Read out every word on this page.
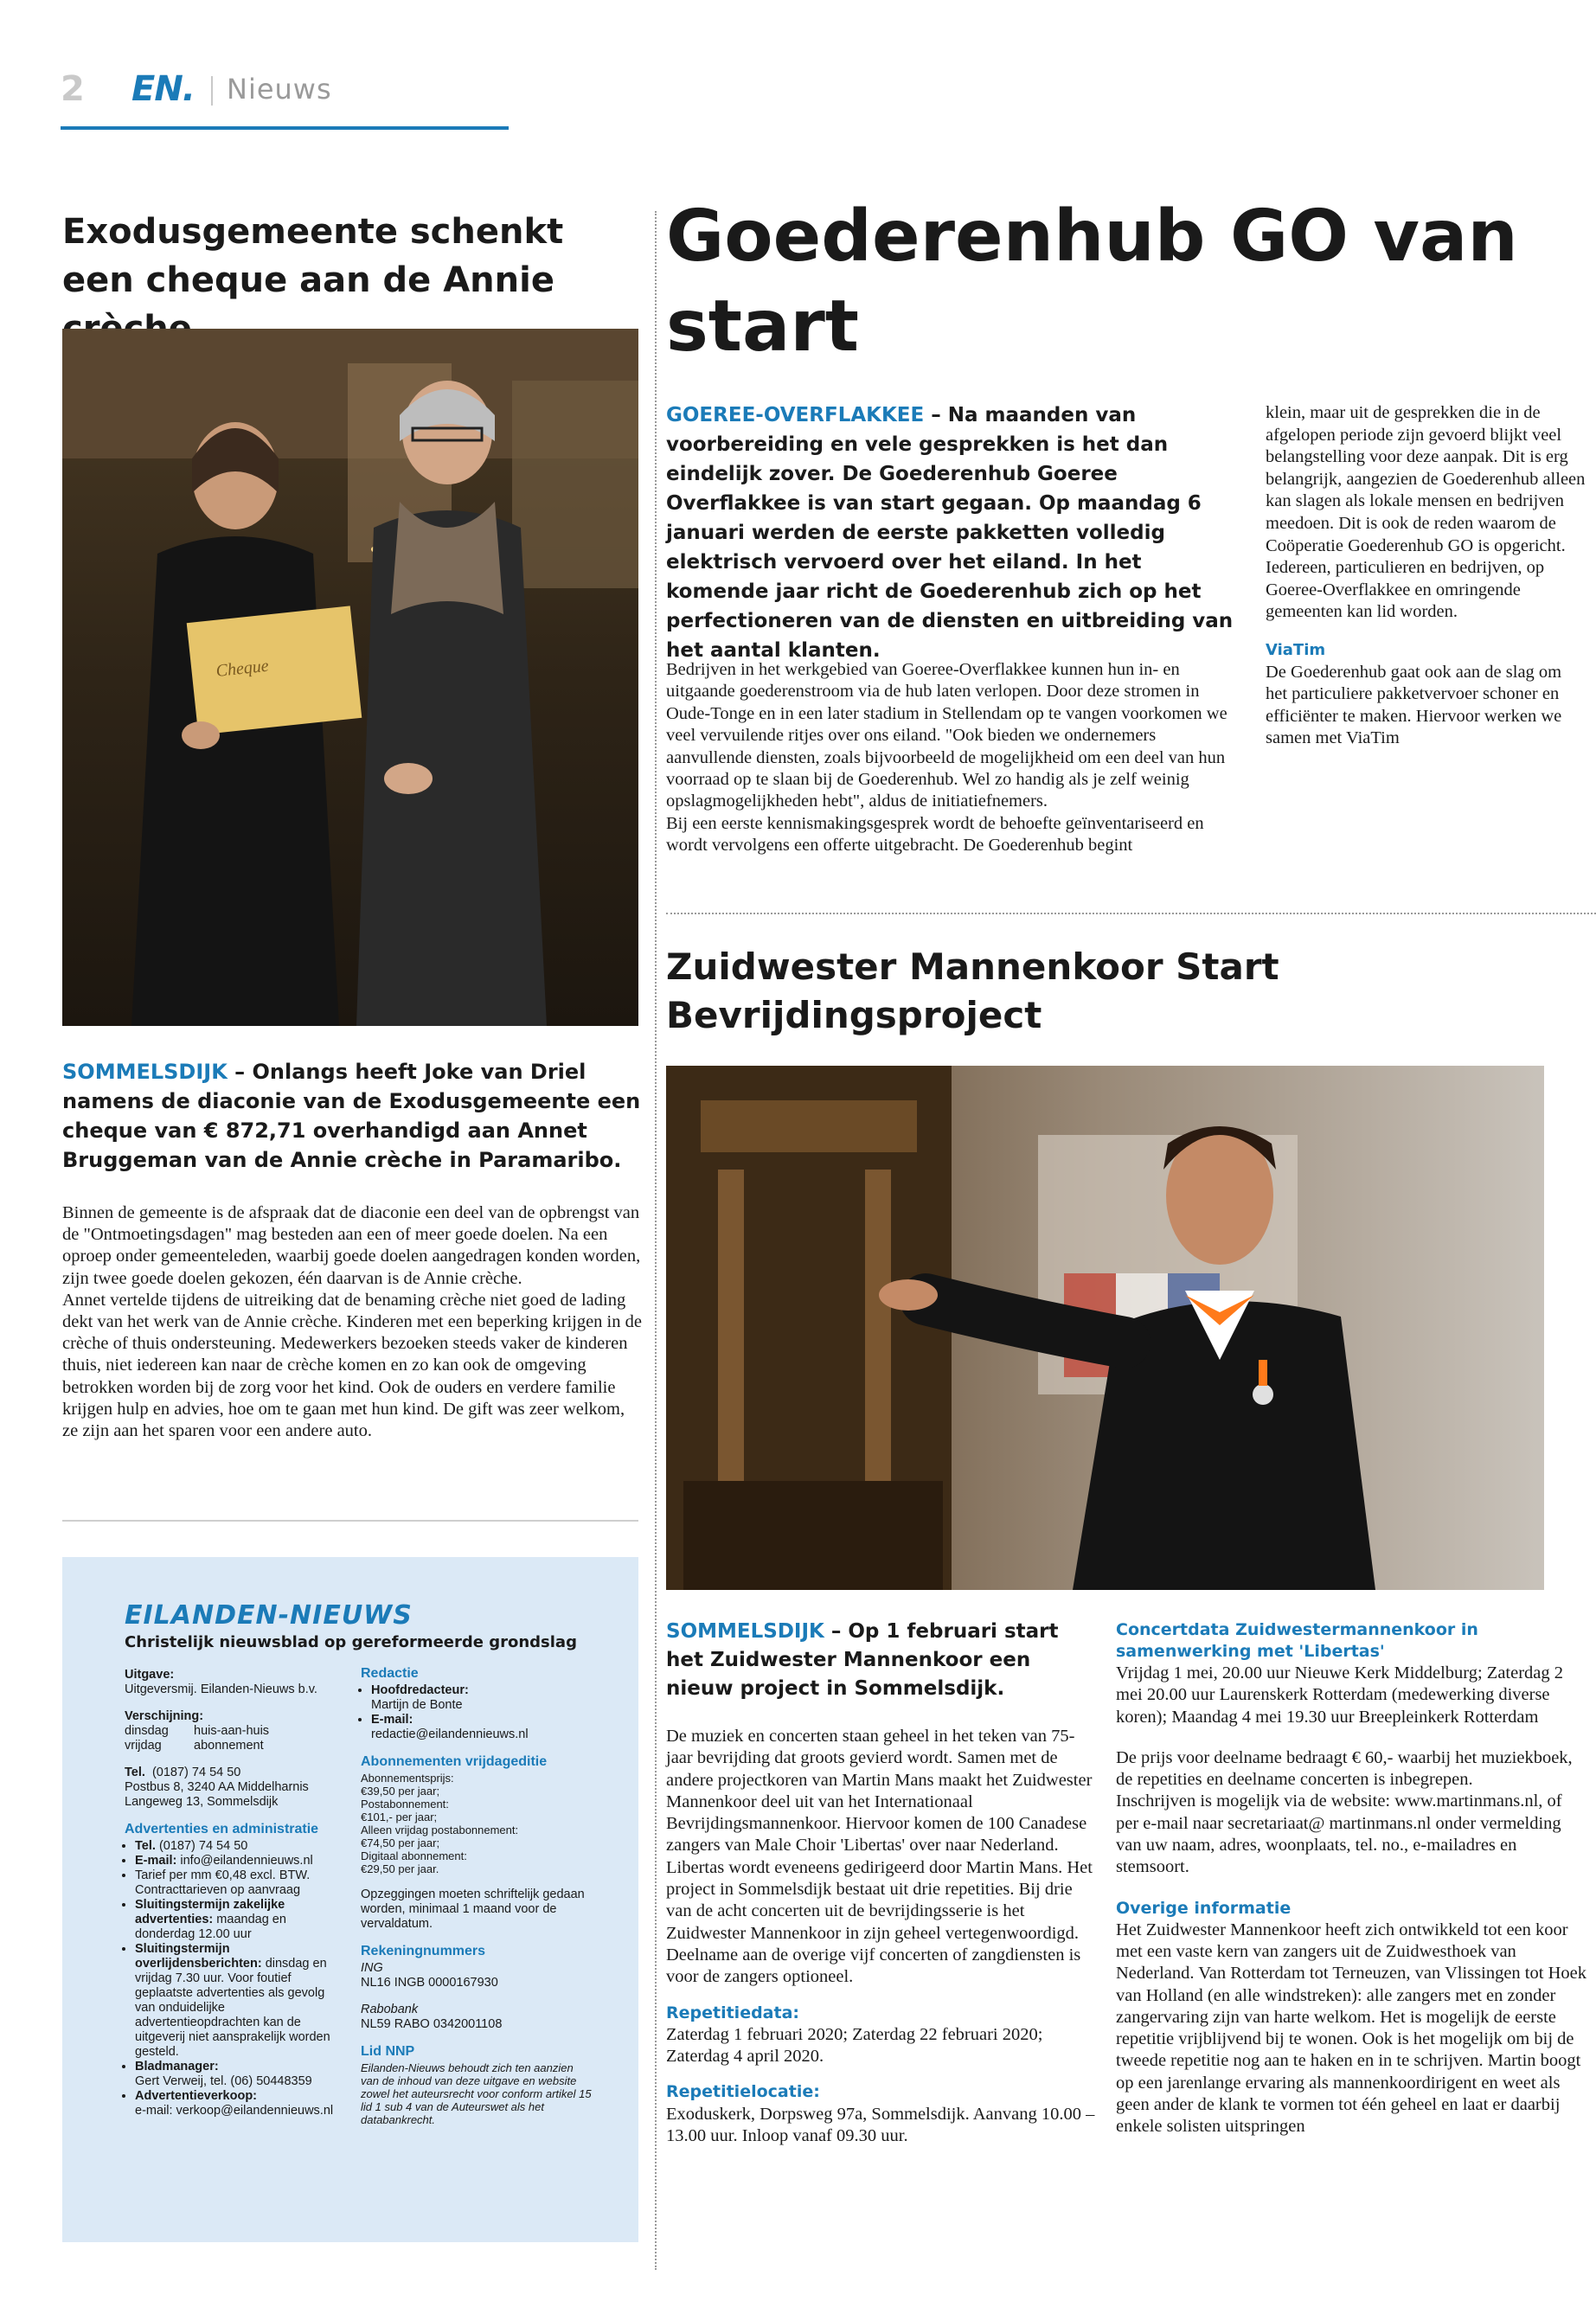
2 EN. Nieuws
Exodusgemeente schenkt een cheque aan de Annie
Cheque
SOMMELSDIJK – Onlangs heeft Joke van Driel namens de diaconie van de Exodusgemeente een cheque van € 872,71 overhandigd aan Annet Bruggeman van de Annie crèche in Paramaribo.

Binnen de gemeente is de afspraak dat de diaconie een deel van de opbrengst van de "Ontmoetingsdagen" mag besteden aan een of meer goede doelen. Na een oproep onder gemeenteleden, waarbij goede doelen aangedragen konden worden, zijn twee goede doelen gekozen, één daarvan is de Annie crèche.

Annet vertelde tijdens de uitreiking dat de benaming crèche niet goed de lading dekt van het werk van de Annie crèche. Kinderen met een beperking krijgen in de crèche of thuis ondersteuning. Medewerkers bezoeken steeds vaker de kinderen thuis, niet iedereen kan naar de crèche komen en zo kan ook de omgeving betrokken worden bij de zorg voor het kind. Ook de ouders en verdere familie krijgen hulp en advies, hoe om te gaan met hun kind. De gift was zeer welkom, ze zijn aan het sparen voor een andere auto.

EILANDEN-NIEUWS
Christelijk nieuwsblad op gereformeerde grondslag
Uitgave:
Uitgeversmij. Eilanden-Nieuws b.v.
Verschijning:
dinsdag	huis-aan-huis
vrijdag	abonnement
Tel. (0187) 74 54 50
Postbus 8, 3240 AA Middelharnis
Langeweg 13, Sommelsdijk
Advertenties en administratie
• Tel. (0187) 74 54 50
• E-mail: info@eilandennieuws.nl
• Tarief per mm €0,48 excl. BTW. Contracttarieven op aanvraag
• Sluitingstermijn zakelijke advertenties: maandag en donderdag 12.00 uur
• Sluitingstermijn overlijdensberichten: dinsdag en vrijdag 7.30 uur. Voor foutief geplaatste advertenties als gevolg van onduidelijke advertentieopdrachten kan de uitgeverij niet aansprakelijk worden gesteld.
• Bladmanager:
Gert Verweij, tel. (06) 50448359
• Advertentieverkoop:
e-mail: verkoop@eilandennieuws.nl
Redactie
• Hoofdredacteur:
Martijn de Bonte
• E-mail:
redactie@eilandennieuws.nl
Abonnementen vrijdageditie
Abonnementsprijs:
€39,50 per jaar;
Postabonnement:
€101,- per jaar;
Alleen vrijdag postabonnement:
€74,50 per jaar;
Digitaal abonnement:
€29,50 per jaar.
Opzeggingen moeten schriftelijk gedaan worden, minimaal 1 maand voor de vervaldatum.
Rekeningnummers
ING
NL16 INGB 0000167930
Rabobank
NL59 RABO 0342001108
Lid NNP
Eilanden-Nieuws behoudt zich ten aanzien van de inhoud van deze uitgave en website zowel het auteursrecht voor conform artikel 15 lid 1 sub 4 van de Auteurswet als het databankrecht.
Goederenhub GO van start
GOEREE-OVERFLAKKEE – Na maanden van voorbereiding en vele gesprekken is het dan eindelijk zover. De Goederenhub Goeree Overflakkee is van start gegaan. Op maandag 6 januari werden de eerste pakketten volledig elektrisch vervoerd over het eiland. In het komende jaar richt de Goederenhub zich op het perfectioneren van de diensten en uitbreiding van het aantal klanten.
Bedrijven in het werkgebied van Goeree-Overflakkee kunnen hun in- en uitgaande goederenstroom via de hub laten verlopen. Door deze stromen in Oude-Tonge en in een later stadium in Stellendam op te vangen voorkomen we veel vervuilende ritjes over ons eiland. "Ook bieden we ondernemers aanvullende diensten, zoals bijvoorbeeld de mogelijkheid om een deel van hun voorraad op te slaan bij de Goederenhub. Wel zo handig als je zelf weinig opslagmogelijkheden hebt", aldus de initiatiefnemers.
Bij een eerste kennismakingsgesprek wordt de behoefte geïnventariseerd en wordt vervolgens een offerte uitgebracht. De Goederenhub begint
klein, maar uit de gesprekken die in de afgelopen periode zijn gevoerd blijkt veel belangstelling voor deze aanpak. Dit is erg belangrijk, aangezien de Goederenhub alleen kan slagen als lokale mensen en bedrijven meedoen. Dit is ook de reden waarom de Coöperatie Goederenhub GO is opgericht. Iedereen, particulieren en bedrijven, op Goeree-Overflakkee en omringende gemeenten kan lid worden.
ViaTim
De Goederenhub gaat ook aan de slag om het particuliere pakketvervoer schoner en efficiënter te maken. Hiervoor werken we samen met ViaTim
Zuidwester Mannenkoor Start Bevrijdingsproject
SOMMELSDIJK – Op 1 februari start het Zuidwester Mannenkoor een nieuw project in Sommelsdijk.

De muziek en concerten staan geheel in het teken van 75-jaar bevrijding dat groots gevierd wordt. Samen met de andere projectkoren van Martin Mans maakt het Zuidwester Mannenkoor deel uit van het Internationaal Bevrijdingsmannenkoor. Hiervoor komen de 100 Canadese zangers van Male Choir 'Libertas' over naar Nederland. Libertas wordt eveneens gedirigeerd door Martin Mans. Het project in Sommelsdijk bestaat uit drie repetities. Bij drie van de acht concerten uit de bevrijdingsserie is het Zuidwester Mannenkoor in zijn geheel vertegenwoordigd. Deelname aan de overige vijf concerten of zangdiensten is voor de zangers optioneel.

Repetitiedata:

Zaterdag 1 februari 2020; Zaterdag 22 februari 2020; Zaterdag 4 april 2020.

Repetitielocatie:

Exoduskerk, Dorpsweg 97a, Sommelsdijk. Aanvang 10.00 – 13.00 uur. Inloop vanaf 09.30 uur.

Concertdata Zuidwestermannenkoor in samenwerking met 'Libertas'

Vrijdag 1 mei, 20.00 uur Nieuwe Kerk Middelburg; Zaterdag 2 mei 20.00 uur Laurenskerk Rotterdam (medewerking diverse koren); Maandag 4 mei 19.30 uur Breepleinkerk Rotterdam

De prijs voor deelname bedraagt € 60,- waarbij het muziekboek, de repetities en deelname concerten is inbegrepen.

Inschrijven is mogelijk via de website: www.martinmans.nl, of per e-mail naar secretariaat@ martinmans.nl onder vermelding van uw naam, adres, woonplaats, tel. no., e-mailadres en stemsoort.

Overige informatie

Het Zuidwester Mannenkoor heeft zich ontwikkeld tot een koor met een vaste kern van zangers uit de Zuidwesthoek van Nederland. Van Rotterdam tot Terneuzen, van Vlissingen tot Hoek van Holland (en alle windstreken): alle zangers met en zonder zangervaring zijn van harte welkom. Het is mogelijk de eerste repetitie vrijblijvend bij te wonen. Ook is het mogelijk om bij de tweede repetitie nog aan te haken en in te schrijven. Martin boogt op een jarenlange ervaring als mannenkoordirigent en weet als geen ander de klank te vormen tot één geheel en laat er daarbij enkele solisten uitspringen
